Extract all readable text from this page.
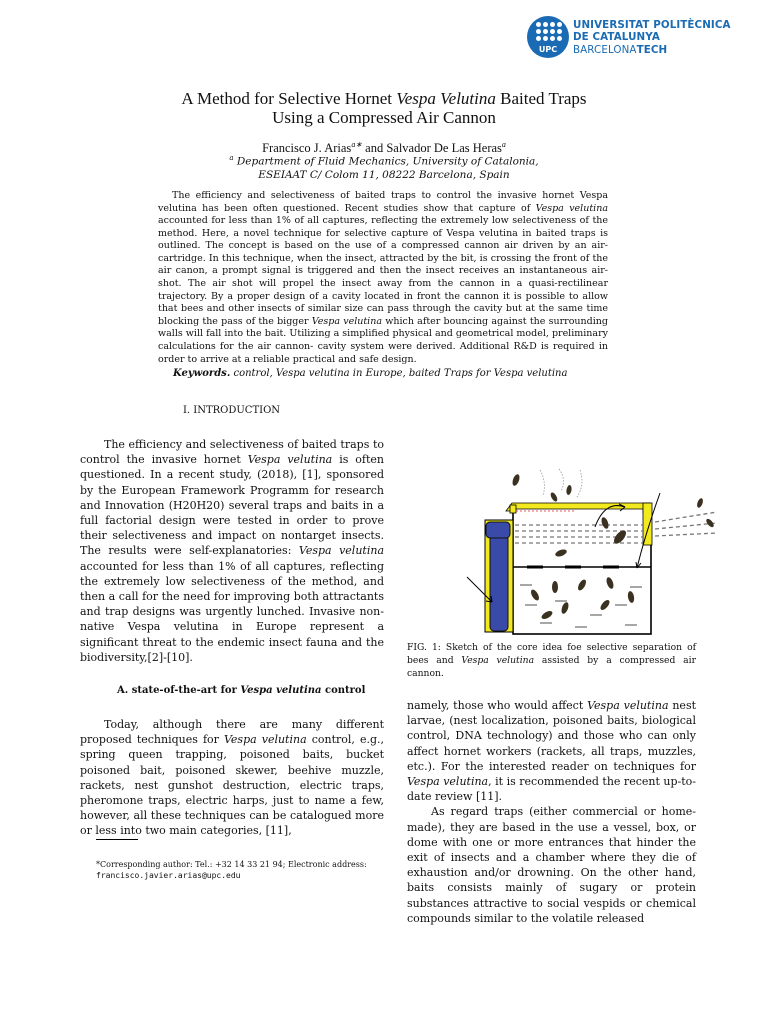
UPC
UNIVERSITAT POLITÈCNICA
DE CATALUNYA
BARCELONATECH
A Method for Selective Hornet Vespa Velutina Baited Traps
Using a Compressed Air Cannon
Francisco J. Arias$^{a∗}$ and Salvador De Las Heras$^a$
$^a$ Department of Fluid Mechanics, University of Catalonia,
ESEIAAT C/ Colom 11, 08222 Barcelona, Spain

The efficiency and selectiveness of baited traps to control the invasive hornet Vespa velutina has been often questioned. Recent studies show that capture of Vespa velutina accounted for less than 1% of all captures, reflecting the extremely low selectiveness of the method. Here, a novel technique for selective capture of Vespa velutina in baited traps is outlined. The concept is based on the use of a compressed cannon air driven by an air-cartridge. In this technique, when the insect, attracted by the bit, is crossing the front of the air canon, a prompt signal is triggered and then the insect receives an instantaneous air-shot. The air shot will propel the insect away from the cannon in a quasi-rectilinear trajectory. By a proper design of a cavity located in front the cannon it is possible to allow that bees and other insects of similar size can pass through the cavity but at the same time blocking the pass of the bigger Vespa velutina which after bouncing against the surrounding walls will fall into the bait. Utilizing a simplified physical and geometrical model, preliminary calculations for the air cannon- cavity system were derived. Additional R&D is required in order to arrive at a reliable practical and safe design.

Keywords. control, Vespa velutina in Europe, baited Traps for Vespa velutina
I. INTRODUCTION

The efficiency and selectiveness of baited traps to control the invasive hornet Vespa velutina is often questioned. In a recent study, (2018), [1], sponsored by the European Framework Programm for research and Innovation (H20H20) several traps and baits in a full factorial design were tested in order to prove their selectiveness and impact on nontarget insects. The results were self-explanatories: Vespa velutina accounted for less than 1% of all captures, reflecting the extremely low selectiveness of the method, and then a call for the need for improving both attractants and trap designs was urgently lunched. Invasive non-native Vespa velutina in Europe represent a significant threat to the endemic insect fauna and the biodiversity,[2]-[10].

A. state-of-the-art for Vespa velutina control

Today, although there are many different proposed techniques for Vespa velutina control, e.g., spring queen trapping, poisoned baits, bucket poisoned bait, poisoned skewer, beehive muzzle, rackets, nest gunshot destruction, electric traps, pheromone traps, electric harps, just to name a few, however, all these techniques can be catalogued more or less into two main categories, [11],

*Corresponding author: Tel.: +32 14 33 21 94; Electronic address:
francisco.javier.arias@upc.edu
FIG. 1: Sketch of the core idea foe selective separation of bees and Vespa velutina assisted by a compressed air cannon.

namely, those who would affect Vespa velutina nest larvae, (nest localization, poisoned baits, biological control, DNA technology) and those who can only affect hornet workers (rackets, all traps, muzzles, etc.). For the interested reader on techniques for Vespa velutina, it is recommended the recent up-to-date review [11].

As regard traps (either commercial or home-made), they are based in the use a vessel, box, or dome with one or more entrances that hinder the exit of insects and a chamber where they die of exhaustion and/or drowning. On the other hand, baits consists mainly of sugary or protein substances attractive to social vespids or chemical compounds similar to the volatile released
